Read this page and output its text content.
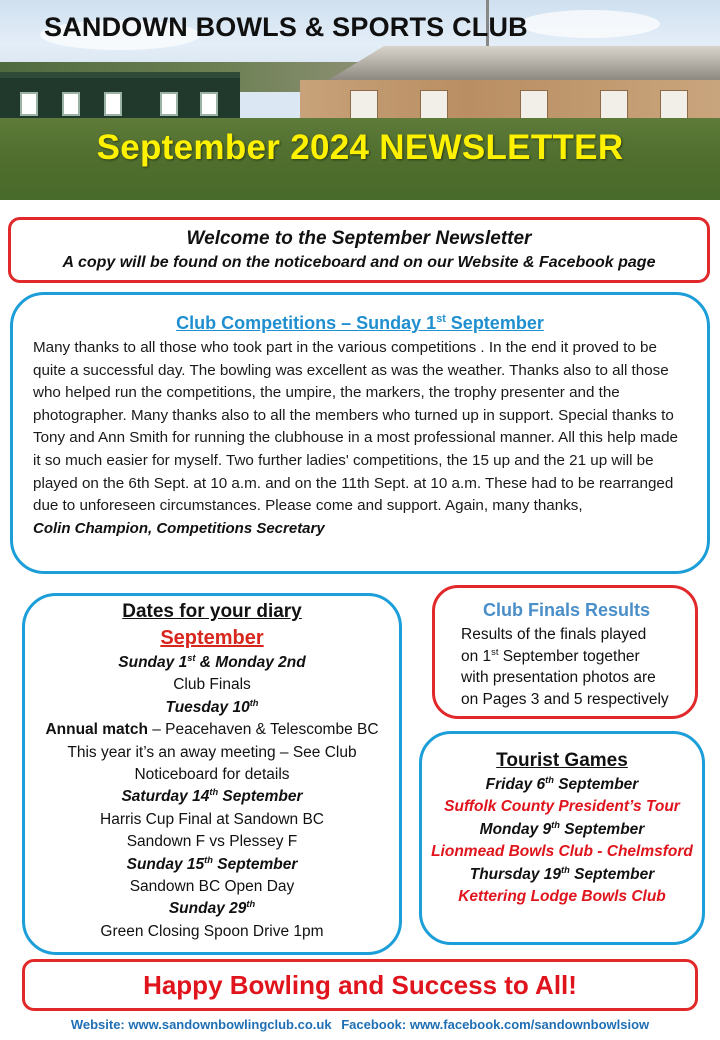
SANDOWN BOWLS & SPORTS CLUB
September 2024 NEWSLETTER
Welcome to the September Newsletter
A copy will be found on the noticeboard and on our Website & Facebook page
Club Competitions – Sunday 1st September
Many thanks to all those who took part in the various competitions . In the end it proved to be quite a successful day. The bowling was excellent as was the weather. Thanks also to all those who helped run the competitions, the umpire, the markers, the trophy presenter and the photographer. Many thanks also to all the members who turned up in support. Special thanks to Tony and Ann Smith for running the clubhouse in a most professional manner. All this help made it so much easier for myself. Two further ladies' competitions, the 15 up and the 21 up will be played on the 6th Sept. at 10 a.m. and on the 11th Sept. at 10 a.m. These had to be rearranged due to unforeseen circumstances. Please come and support. Again, many thanks,
Colin Champion, Competitions Secretary
Dates for your diary
September
Sunday 1st & Monday 2nd
Club Finals
Tuesday 10th
Annual match – Peacehaven & Telescombe BC
This year it’s an away meeting – See Club
Noticeboard for details
Saturday 14th September
Harris Cup Final at Sandown BC
Sandown F vs Plessey F
Sunday 15th September
Sandown BC Open Day
Sunday 29th
Green Closing Spoon Drive 1pm
Club Finals Results
Results of the finals played
on 1st September together
with presentation photos are
on Pages 3 and 5 respectively
Tourist Games
Friday 6th September
Suffolk County President’s Tour
Monday 9th September
Lionmead Bowls Club - Chelmsford
Thursday 19th September
Kettering Lodge Bowls Club
Happy Bowling and Success to All!
Website: www.sandownbowlingclub.co.uk Facebook: www.facebook.com/sandownbowlsiow
